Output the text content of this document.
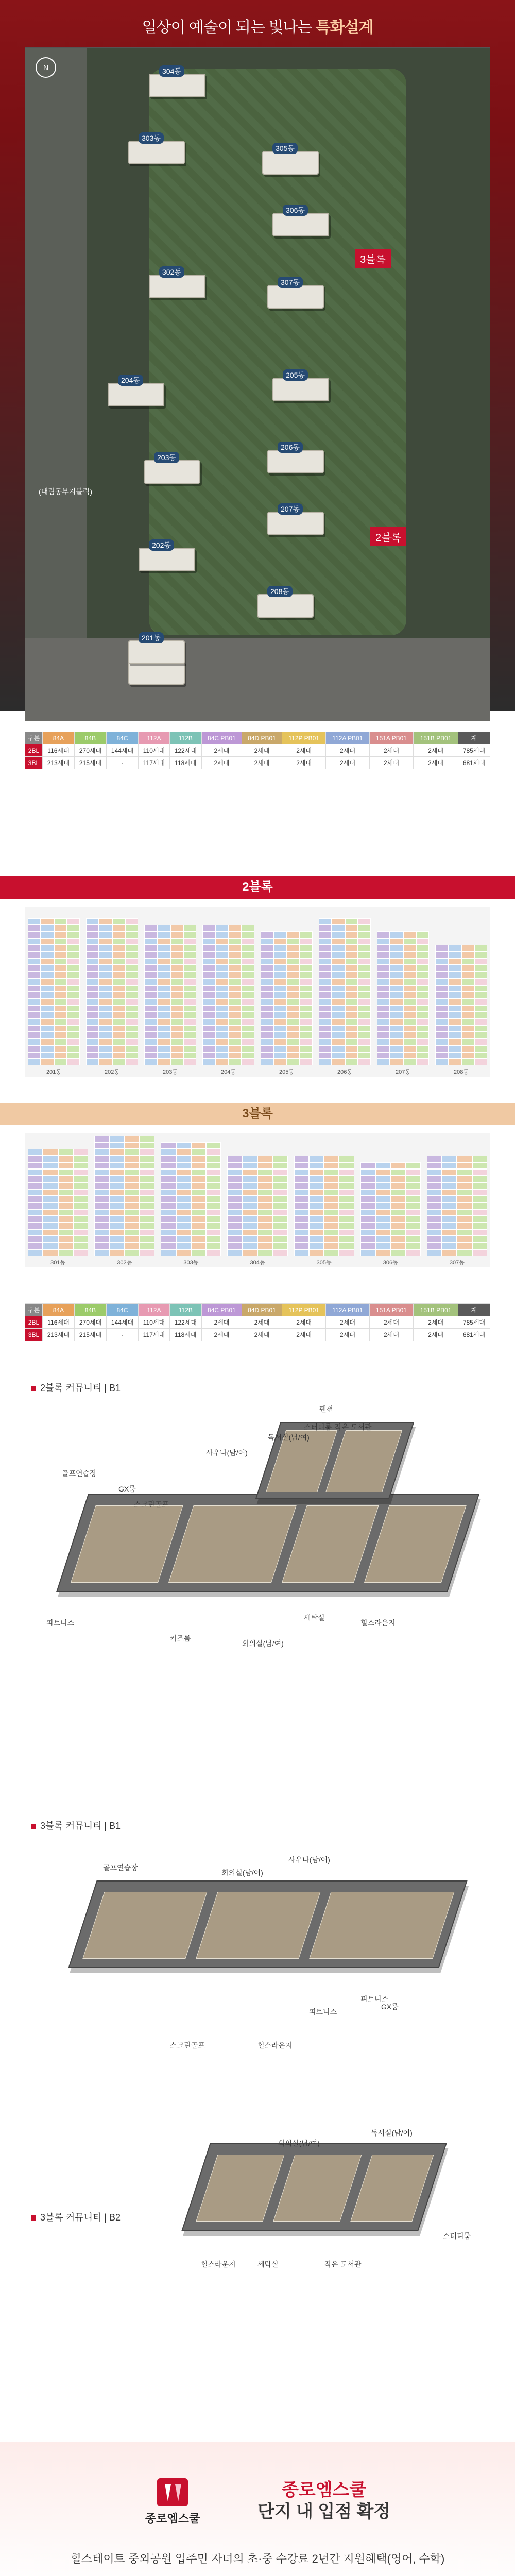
일상이 예술이 되는 빛나는 특화설계
N
3블록
2블록
(대림동부지블럭)
302동
303동
304동
305동
306동
307동
201동
202동
203동
204동
205동
206동
207동
208동
구분	84A	84B	84C	112A	112B	84C PB01	84D PB01	112P PB01	112A PB01	151A PB01	151B PB01	계
2BL	116세대	270세대	144세대	110세대	122세대	2세대	2세대	2세대	2세대	2세대	2세대	785세대
3BL	213세대	215세대	-	117세대	118세대	2세대	2세대	2세대	2세대	2세대	2세대	681세대
2블록
201동	202동	203동	204동	205동	206동	207동	208동
3블록
301동	302동	303동	304동	305동	306동	307동
구분	84A	84B	84C	112A	112B	84C PB01	84D PB01	112P PB01	112A PB01	151A PB01	151B PB01	계
2BL	116세대	270세대	144세대	110세대	122세대	2세대	2세대	2세대	2세대	2세대	2세대	785세대
3BL	213세대	215세대	-	117세대	118세대	2세대	2세대	2세대	2세대	2세대	2세대	681세대
2블록 커뮤니티 | B1
펜션
스터디룸 작은 도서관
독서실(남/여)
사우나(남/여)
골프연습장
피트니스
GX룸
스크린골프
세탁실
힐스라운지
회의실(남/여)
키즈룸
3블록 커뮤니티 | B1
사우나(남/여)
회의실(남/여)
골프연습장
피트니스
GX룸
피트니스
스크린골프	힐스라운지
3블록 커뮤니티 | B2
독서실(남/여)
회의실(남/여)
스터디룸
힐스라운지	세탁실	작은 도서관
종로엠스쿨
종로엠스쿨
단지 내 입점 확정
힐스테이트 중외공원 입주민 자녀의 초·중 수강료 2년간 지원혜택(영어, 수학)
